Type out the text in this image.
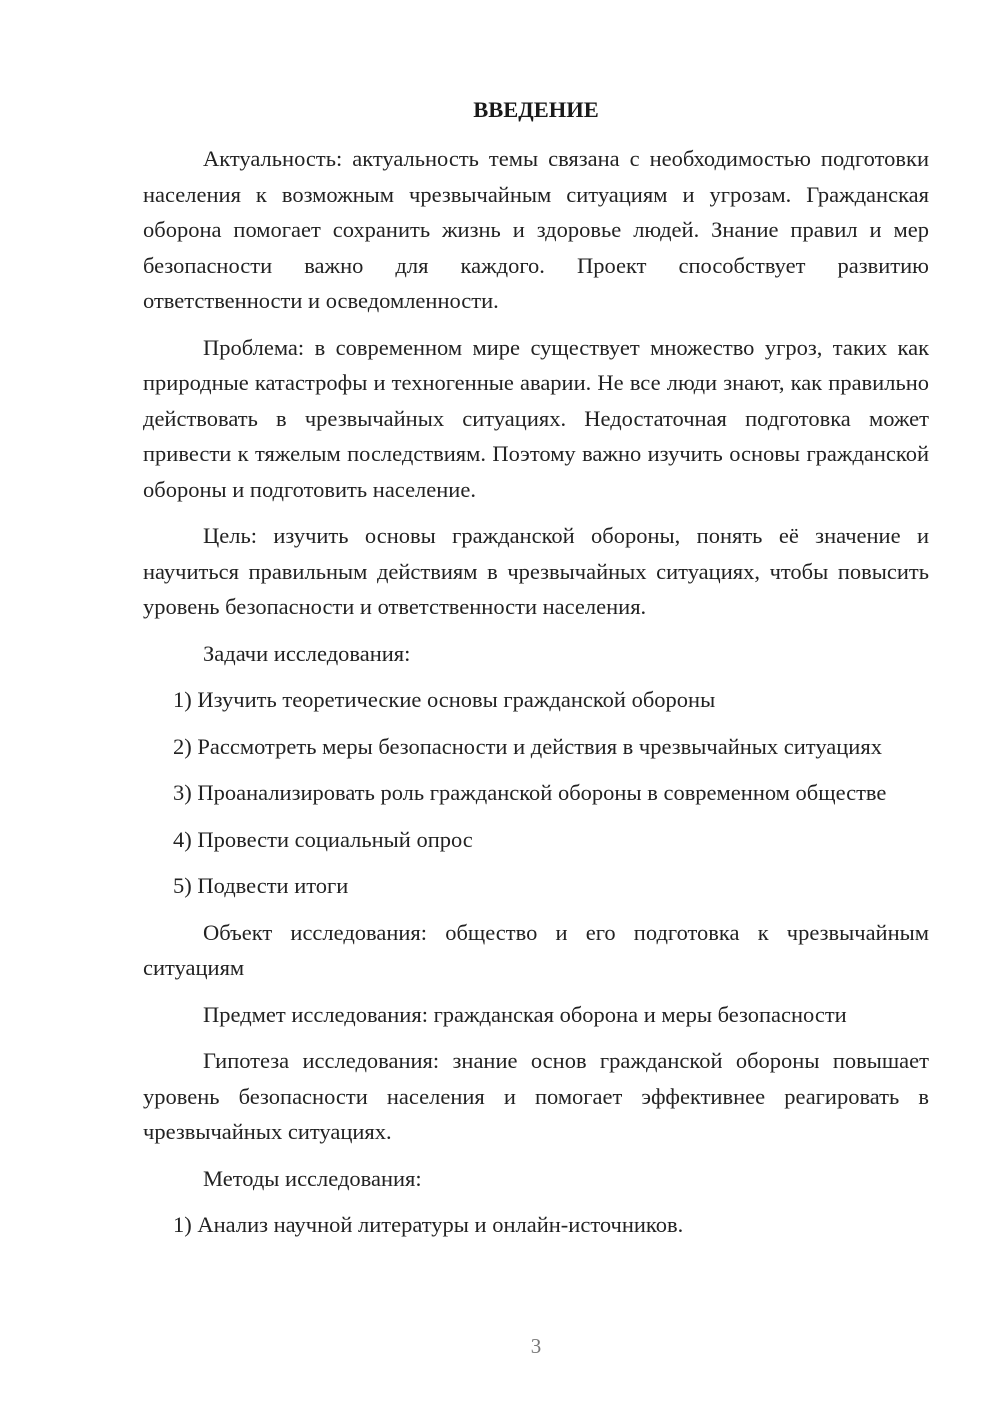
ВВЕДЕНИЕ

Актуальность: актуальность темы связана с необходимостью подготовки населения к возможным чрезвычайным ситуациям и угрозам. Гражданская оборона помогает сохранить жизнь и здоровье людей. Знание правил и мер безопасности важно для каждого. Проект способствует развитию ответственности и осведомленности.

Проблема: в современном мире существует множество угроз, таких как природные катастрофы и техногенные аварии. Не все люди знают, как правильно действовать в чрезвычайных ситуациях. Недостаточная подготовка может привести к тяжелым последствиям. Поэтому важно изучить основы гражданской обороны и подготовить население.

Цель: изучить основы гражданской обороны, понять её значение и научиться правильным действиям в чрезвычайных ситуациях, чтобы повысить уровень безопасности и ответственности населения.

Задачи исследования:

1) Изучить теоретические основы гражданской обороны

2) Рассмотреть меры безопасности и действия в чрезвычайных ситуациях

3) Проанализировать роль гражданской обороны в современном обществе

4) Провести социальный опрос

5) Подвести итоги

Объект исследования: общество и его подготовка к чрезвычайным ситуациям

Предмет исследования: гражданская оборона и меры безопасности

Гипотеза исследования: знание основ гражданской обороны повышает уровень безопасности населения и помогает эффективнее реагировать в чрезвычайных ситуациях.

Методы исследования:

1) Анализ научной литературы и онлайн-источников.

3
